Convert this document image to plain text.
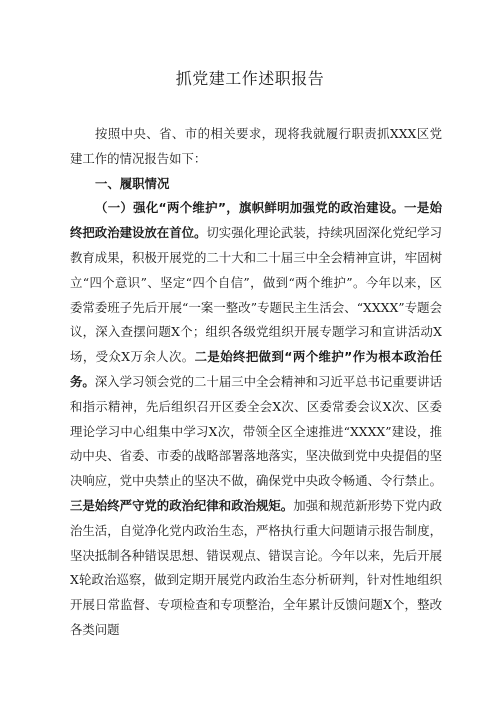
抓党建工作述职报告

按照中央、省、市的相关要求，现将我就履行职责抓XXX区党建工作的情况报告如下：

一、履职情况

（一）强化“两个维护”，旗帜鲜明加强党的政治建设。一是始终把政治建设放在首位。切实强化理论武装，持续巩固深化党纪学习教育成果，积极开展党的二十大和二十届三中全会精神宣讲，牢固树立“四个意识”、坚定“四个自信”，做到“两个维护”。今年以来，区委常委班子先后开展“一案一整改”专题民主生活会、“XXXX”专题会议，深入查摆问题X个；组织各级党组织开展专题学习和宣讲活动X场，受众X万余人次。二是始终把做到“两个维护”作为根本政治任务。深入学习领会党的二十届三中全会精神和习近平总书记重要讲话和指示精神，先后组织召开区委全会X次、区委常委会议X次、区委理论学习中心组集中学习X次，带领全区全速推进“XXXX”建设，推动中央、省委、市委的战略部署落地落实，坚决做到党中央提倡的坚决响应，党中央禁止的坚决不做，确保党中央政令畅通、令行禁止。三是始终严守党的政治纪律和政治规矩。加强和规范新形势下党内政治生活，自觉净化党内政治生态，严格执行重大问题请示报告制度，坚决抵制各种错误思想、错误观点、错误言论。今年以来，先后开展X轮政治巡察，做到定期开展党内政治生态分析研判，针对性地组织开展日常监督、专项检查和专项整治，全年累计反馈问题X个，整改各类问题
